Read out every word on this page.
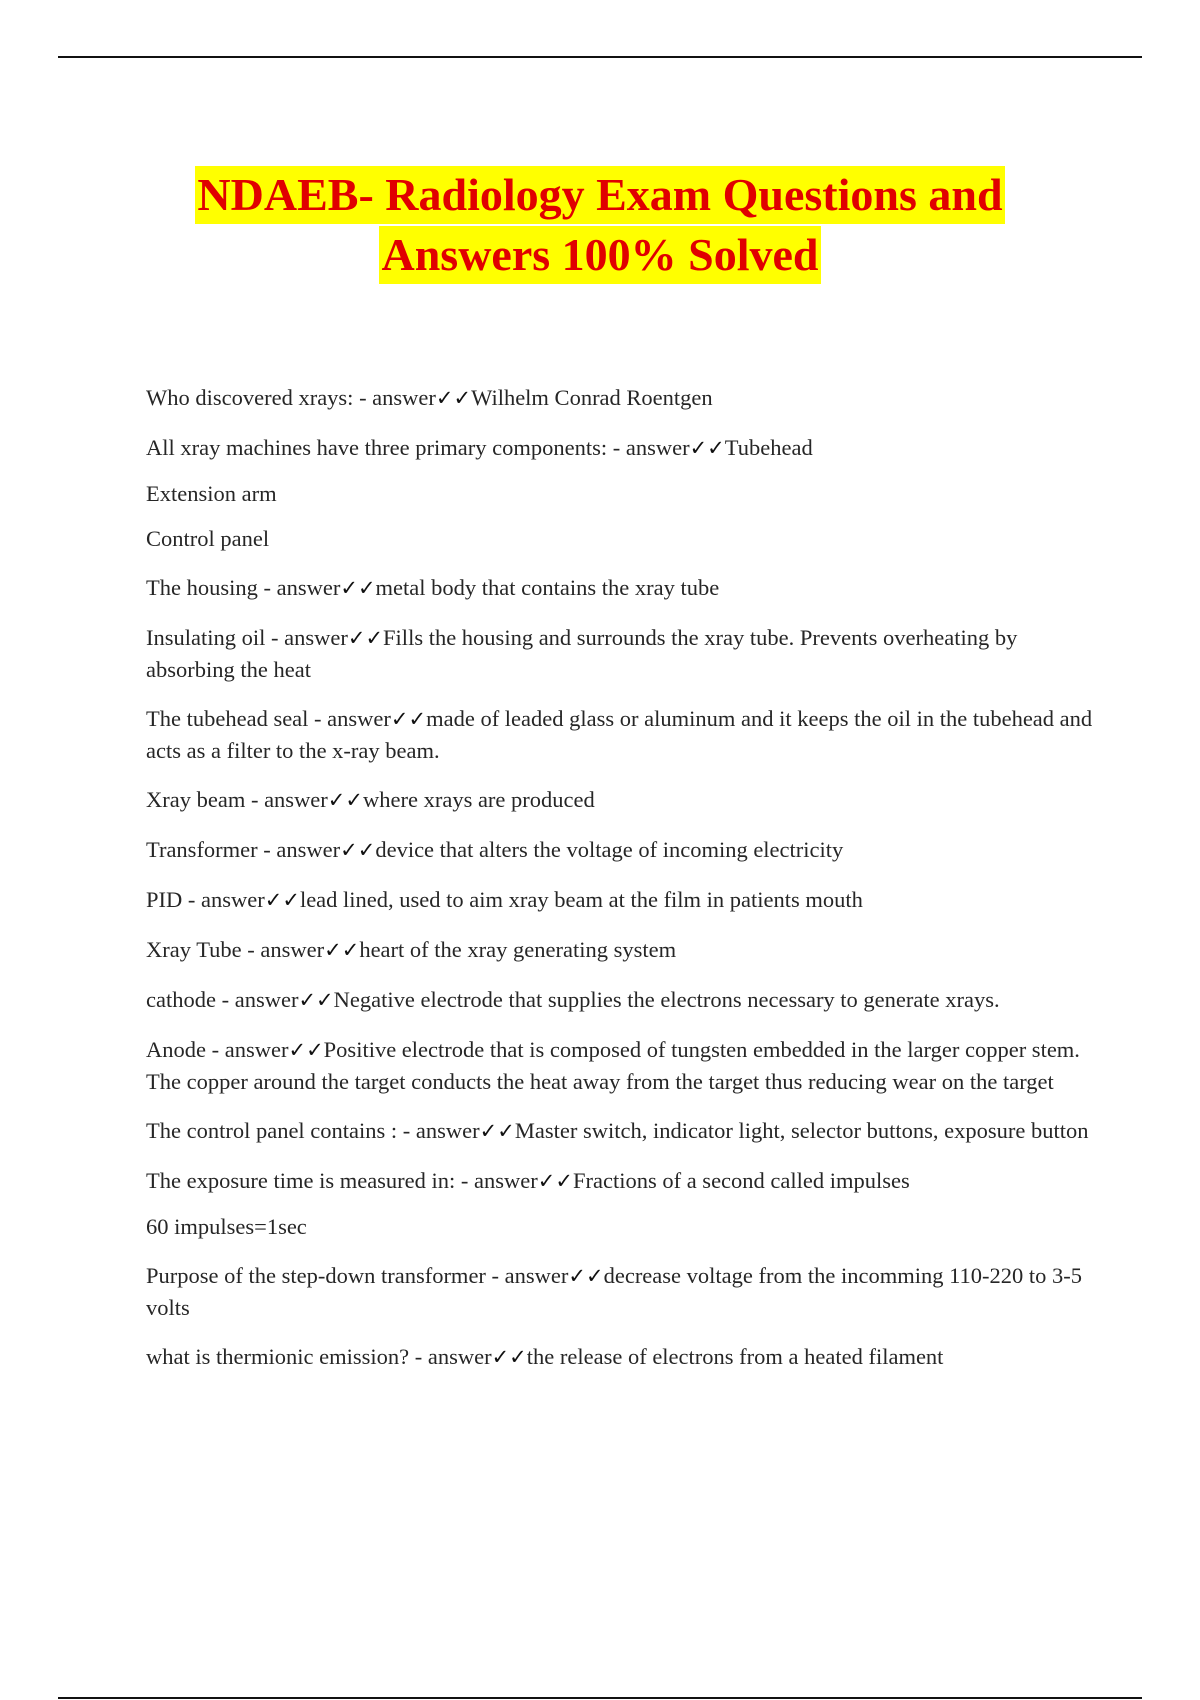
NDAEB- Radiology Exam Questions and
Answers 100% Solved

Who discovered xrays: - answer✓✓Wilhelm Conrad Roentgen

All xray machines have three primary components: - answer✓✓Tubehead

Extension arm

Control panel

The housing - answer✓✓metal body that contains the xray tube

Insulating oil - answer✓✓Fills the housing and surrounds the xray tube. Prevents overheating by absorbing the heat

The tubehead seal - answer✓✓made of leaded glass or aluminum and it keeps the oil in the tubehead and acts as a filter to the x-ray beam.

Xray beam - answer✓✓where xrays are produced

Transformer - answer✓✓device that alters the voltage of incoming electricity

PID - answer✓✓lead lined, used to aim xray beam at the film in patients mouth

Xray Tube - answer✓✓heart of the xray generating system

cathode - answer✓✓Negative electrode that supplies the electrons necessary to generate xrays.

Anode - answer✓✓Positive electrode that is composed of tungsten embedded in the larger copper stem. The copper around the target conducts the heat away from the target thus reducing wear on the target

The control panel contains : - answer✓✓Master switch, indicator light, selector buttons, exposure button

The exposure time is measured in: - answer✓✓Fractions of a second called impulses

60 impulses=1sec

Purpose of the step-down transformer - answer✓✓decrease voltage from the incomming 110-220 to 3-5 volts

what is thermionic emission? - answer✓✓the release of electrons from a heated filament
